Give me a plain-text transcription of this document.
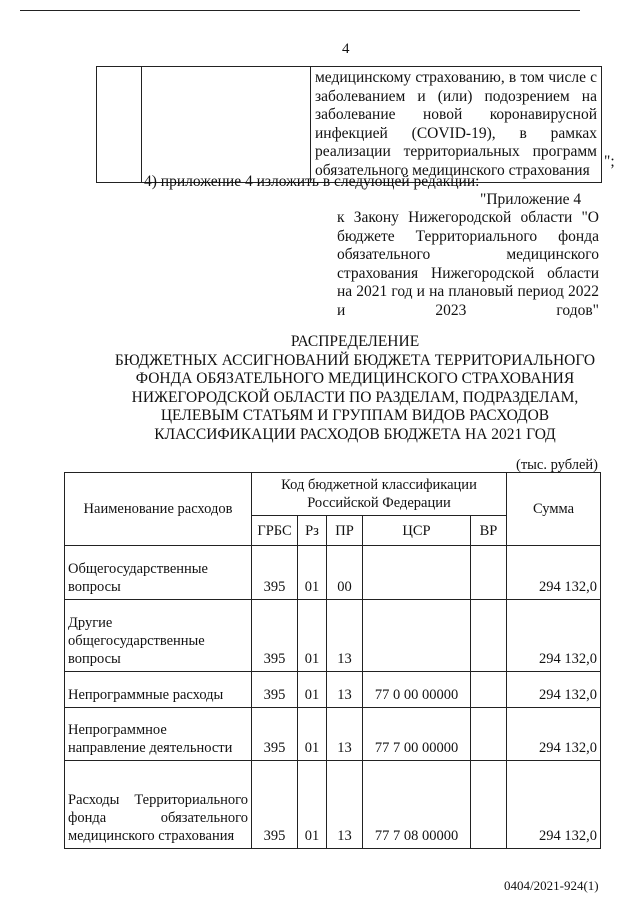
4

медицинскому страхованию, в том числе с
заболеванием и (или) подозрением на
заболевание новой коронавирусной
инфекцией (COVID-19), в рамках
реализации территориальных программ
обязательного медицинского страхования
";
4) приложение 4 изложить в следующей редакции:
"Приложение 4
к Закону Нижегородской области "О бюджете Территориального фонда обязательного медицинского страхования Нижегородской области на 2021 год и на плановый период 2022 и 2023 годов"
РАСПРЕДЕЛЕНИЕ
БЮДЖЕТНЫХ АССИГНОВАНИЙ БЮДЖЕТА ТЕРРИТОРИАЛЬНОГО
ФОНДА ОБЯЗАТЕЛЬНОГО МЕДИЦИНСКОГО СТРАХОВАНИЯ
НИЖЕГОРОДСКОЙ ОБЛАСТИ ПО РАЗДЕЛАМ, ПОДРАЗДЕЛАМ,
ЦЕЛЕВЫМ СТАТЬЯМ И ГРУППАМ ВИДОВ РАСХОДОВ
КЛАССИФИКАЦИИ РАСХОДОВ БЮДЖЕТА НА 2021 ГОД
(тыс. рублей)
Наименование расходов	Код бюджетной классификации Российской Федерации					Сумма
	ГРБС	Рз	ПР	ЦСР	ВР	
Общегосударственные вопросы	395	01	00			294 132,0
Другие общегосударственные вопросы	395	01	13			294 132,0
Непрограммные расходы	395	01	13	77 0 00 00000		294 132,0
Непрограммное направление деятельности	395	01	13	77 7 00 00000		294 132,0
Расходы Территориального фонда обязательного медицинского страхования	395	01	13	77 7 08 00000		294 132,0
0404/2021-924(1)
